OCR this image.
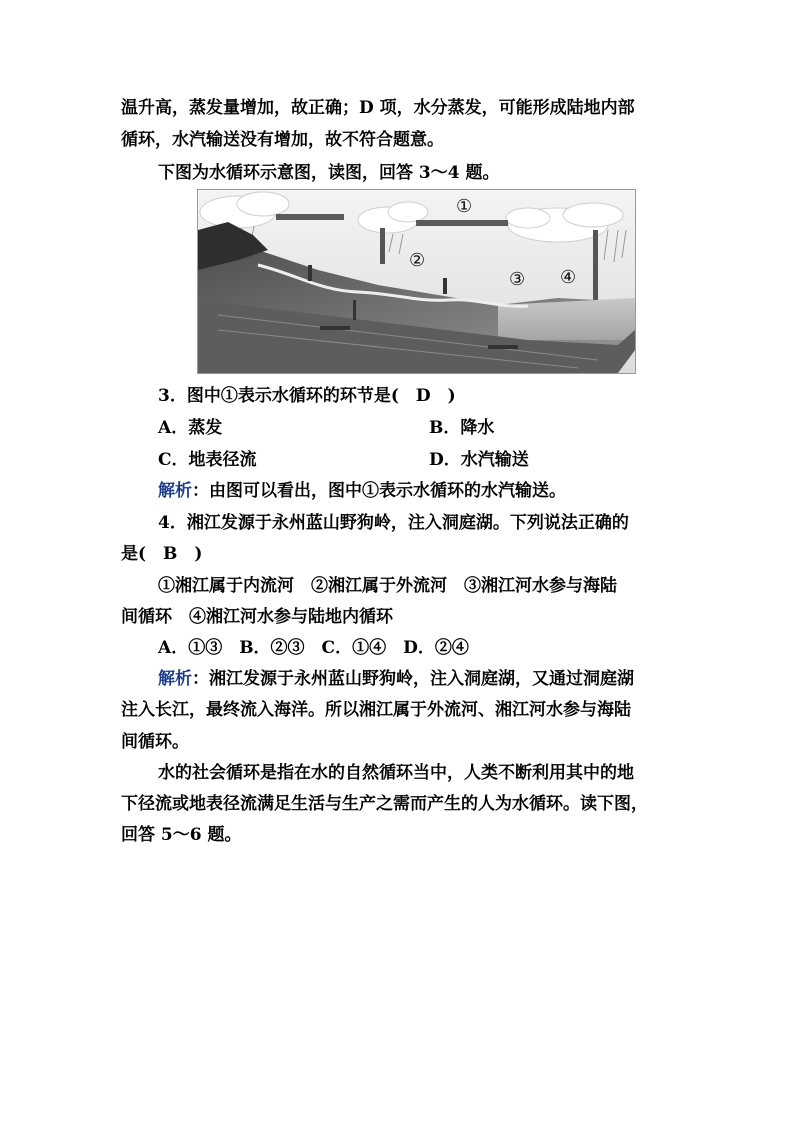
温升高，蒸发量增加，故正确；D 项，水分蒸发，可能形成陆地内部
循环，水汽输送没有增加，故不符合题意。
下图为水循环示意图，读图，回答 3～4 题。
①
②
③ ④
3．图中①表示水循环的环节是(　D　)
A．蒸发	B．降水
C．地表径流	D．水汽输送
解析：由图可以看出，图中①表示水循环的水汽输送。
4．湘江发源于永州蓝山野狗岭，注入洞庭湖。下列说法正确的
是(　B　)
①湘江属于内流河　②湘江属于外流河　③湘江河水参与海陆
间循环　④湘江河水参与陆地内循环
A．①③　B．②③　C．①④　D．②④
解析：湘江发源于永州蓝山野狗岭，注入洞庭湖，又通过洞庭湖
注入长江，最终流入海洋。所以湘江属于外流河、湘江河水参与海陆
间循环。
水的社会循环是指在水的自然循环当中，人类不断利用其中的地
下径流或地表径流满足生活与生产之需而产生的人为水循环。读下图，
回答 5～6 题。
